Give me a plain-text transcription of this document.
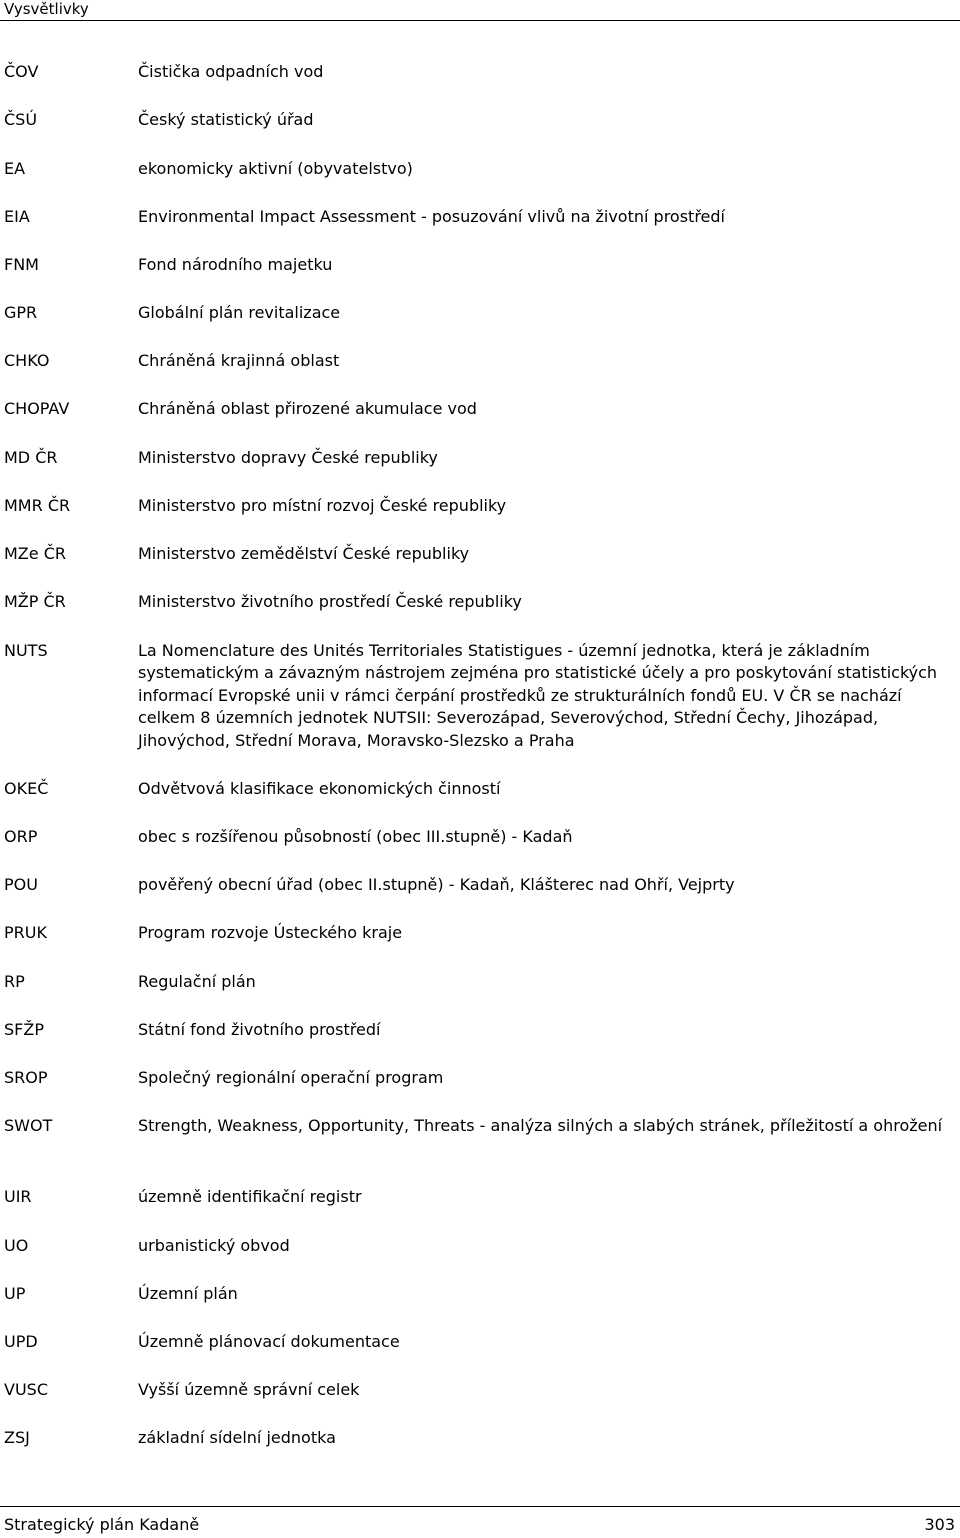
Vysvětlivky
ČOV	Čistička odpadních vod
ČSÚ	Český statistický úřad
EA	ekonomicky aktivní (obyvatelstvo)
EIA	Environmental Impact Assessment - posuzování vlivů na životní prostředí
FNM	Fond národního majetku
GPR	Globální plán revitalizace
CHKO	Chráněná krajinná oblast
CHOPAV	Chráněná oblast přirozené akumulace vod
MD ČR	Ministerstvo dopravy České republiky
MMR ČR	Ministerstvo pro místní rozvoj České republiky
MZe ČR	Ministerstvo zemědělství České republiky
MŽP ČR	Ministerstvo životního prostředí České republiky
NUTS	La Nomenclature des Unités Territoriales Statistigues - územní jednotka, která je základním systematickým a závazným nástrojem zejména pro statistické účely a pro poskytování statistických informací Evropské unii v rámci čerpání prostředků ze strukturálních fondů EU. V ČR se nachází celkem 8 územních jednotek NUTSII: Severozápad, Severovýchod, Střední Čechy, Jihozápad, Jihovýchod, Střední Morava, Moravsko-Slezsko a Praha
OKEČ	Odvětvová klasifikace ekonomických činností
ORP	obec s rozšířenou působností (obec III.stupně) - Kadaň
POU	pověřený obecní úřad (obec II.stupně) - Kadaň, Klášterec nad Ohří, Vejprty
PRUK	Program rozvoje Ústeckého kraje
RP	Regulační plán
SFŽP	Státní fond životního prostředí
SROP	Společný regionální operační program
SWOT	Strength, Weakness, Opportunity, Threats - analýza silných a slabých stránek, příležitostí a ohrožení
UIR	územně identifikační registr
UO	urbanistický obvod
UP	Územní plán
UPD	Územně plánovací dokumentace
VUSC	Vyšší územně správní celek
ZSJ	základní sídelní jednotka
Strategický plán Kadaně	303
